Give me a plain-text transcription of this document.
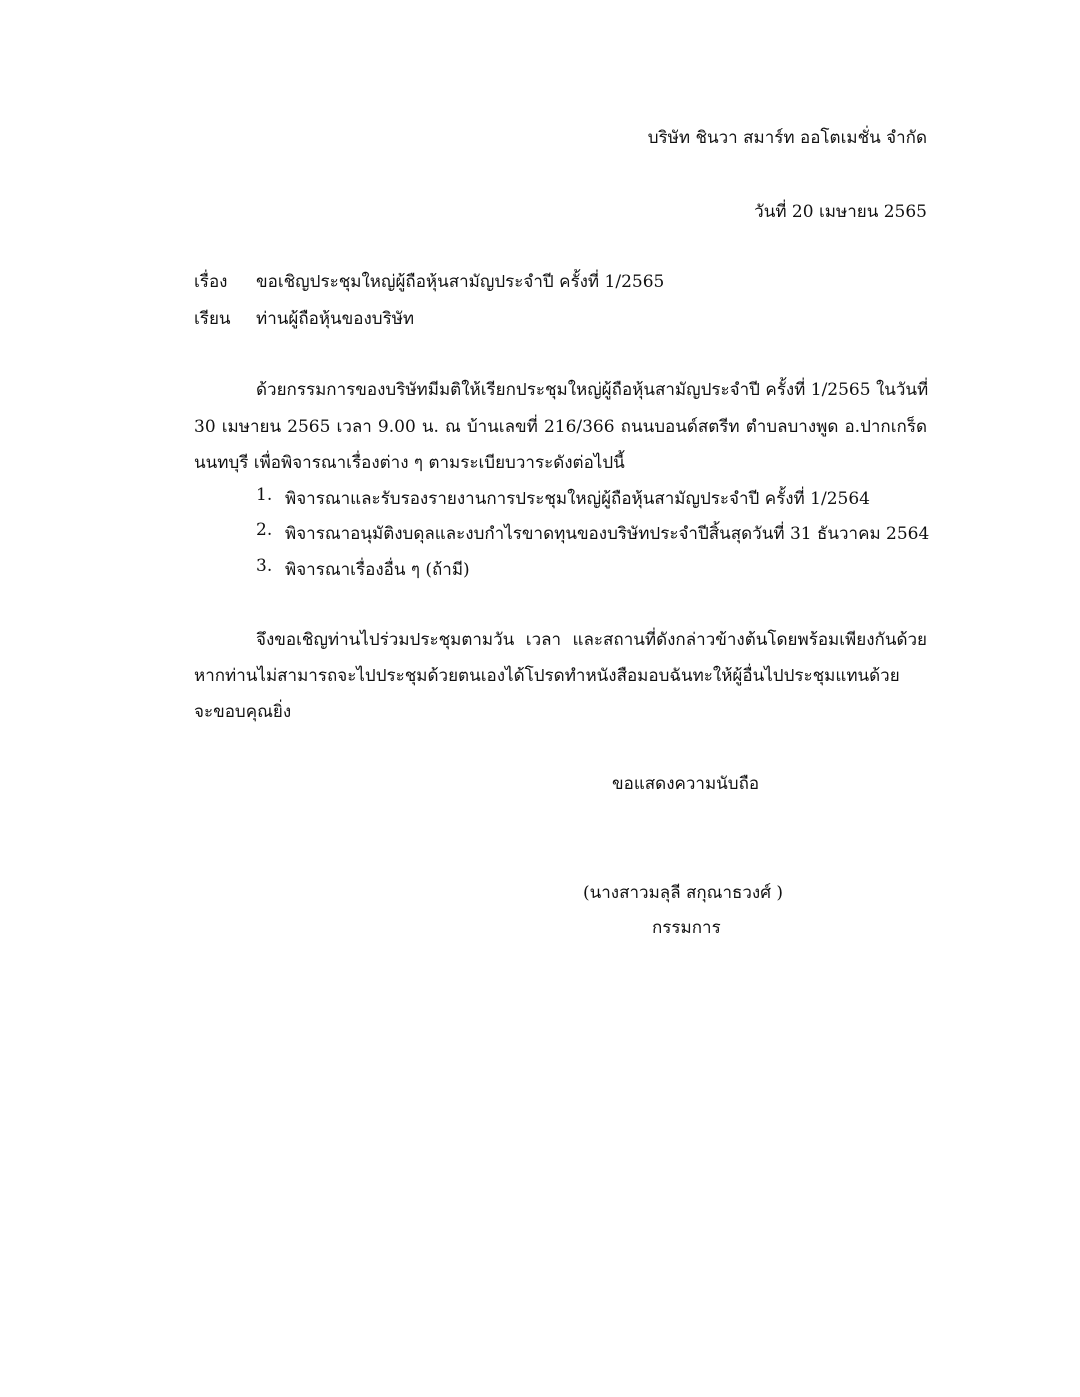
บริษัท ชินวา สมาร์ท ออโตเมชั่น จำกัด
วันที่ 20 เมษายน 2565
เรื่อง ขอเชิญประชุมใหญ่ผู้ถือหุ้นสามัญประจำปี ครั้งที่ 1/2565
เรียน ท่านผู้ถือหุ้นของบริษัท
ด้วยกรรมการของบริษัทมีมติให้เรียกประชุมใหญ่ผู้ถือหุ้นสามัญประจำปี ครั้งที่ 1/2565 ในวันที่
30 เมษายน 2565 เวลา 9.00 น. ณ บ้านเลขที่ 216/366 ถนนบอนด์สตรีท ตำบลบางพูด อ.ปากเกร็ด
นนทบุรี เพื่อพิจารณาเรื่องต่าง ๆ ตามระเบียบวาระดังต่อไปนี้
1. พิจารณาและรับรองรายงานการประชุมใหญ่ผู้ถือหุ้นสามัญประจำปี ครั้งที่ 1/2564
2. พิจารณาอนุมัติงบดุลและงบกำไรขาดทุนของบริษัทประจำปีสิ้นสุดวันที่ 31 ธันวาคม 2564
3. พิจารณาเรื่องอื่น ๆ (ถ้ามี)
จึงขอเชิญท่านไปร่วมประชุมตามวัน เวลา และสถานที่ดังกล่าวข้างต้นโดยพร้อมเพียงกันด้วย
หากท่านไม่สามารถจะไปประชุมด้วยตนเองได้โปรดทำหนังสือมอบฉันทะให้ผู้อื่นไปประชุมแทนด้วย
จะขอบคุณยิ่ง
ขอแสดงความนับถือ
(นางสาวมลุลี สกุณาธวงศ์ )
กรรมการ
